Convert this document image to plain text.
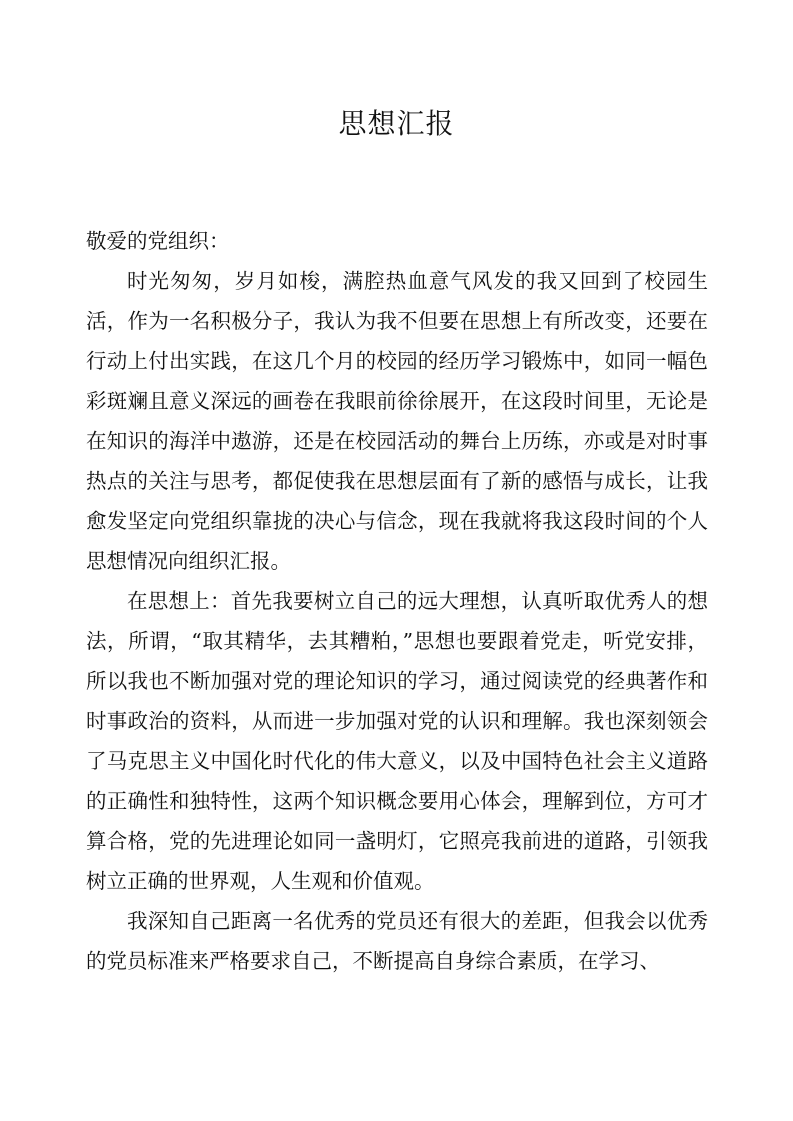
思想汇报

敬爱的党组织：

时光匆匆，岁月如梭，满腔热血意气风发的我又回到了校园生活，作为一名积极分子，我认为我不但要在思想上有所改变，还要在行动上付出实践，在这几个月的校园的经历学习锻炼中，如同一幅色彩斑斓且意义深远的画卷在我眼前徐徐展开，在这段时间里，无论是在知识的海洋中遨游，还是在校园活动的舞台上历练，亦或是对时事热点的关注与思考，都促使我在思想层面有了新的感悟与成长，让我愈发坚定向党组织靠拢的决心与信念，现在我就将我这段时间的个人思想情况向组织汇报。

在思想上：首先我要树立自己的远大理想，认真听取优秀人的想法，所谓，“取其精华，去其糟粕，”思想也要跟着党走，听党安排，所以我也不断加强对党的理论知识的学习，通过阅读党的经典著作和时事政治的资料，从而进一步加强对党的认识和理解。我也深刻领会了马克思主义中国化时代化的伟大意义，以及中国特色社会主义道路的正确性和独特性，这两个知识概念要用心体会，理解到位，方可才算合格，党的先进理论如同一盏明灯，它照亮我前进的道路，引领我树立正确的世界观，人生观和价值观。

我深知自己距离一名优秀的党员还有很大的差距，但我会以优秀的党员标准来严格要求自己，不断提高自身综合素质，在学习、
